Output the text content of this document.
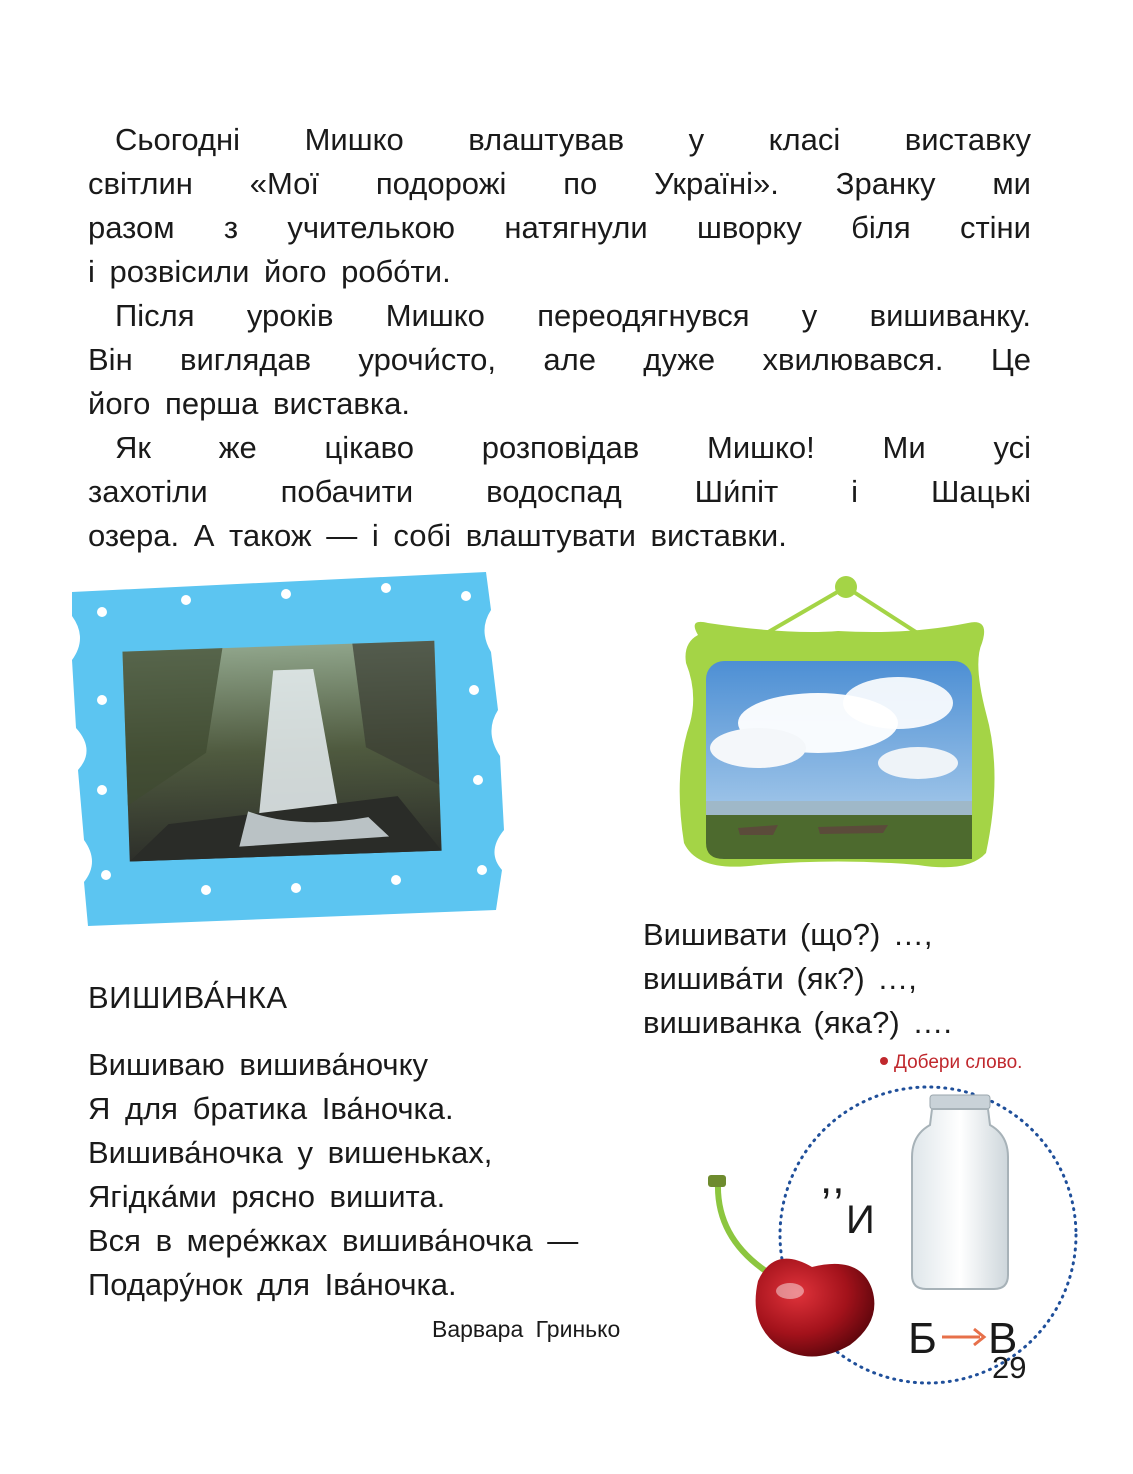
Сьогодні Мишко влаштував у класі виставку
світлин «Мої подорожі по Україні». Зранку ми
разом з учителькою натягнули шворку біля стіни
і розвісили його робо́ти.
Після уроків Мишко переодягнувся у вишиванку.
Він виглядав урочи́сто, але дуже хвилювався. Це
його перша виставка.
Як же цікаво розповідав Мишко! Ми усі
захотіли побачити водоспад Ши́піт і Шацькі
озера. А також — і собі влаштувати виставки.
Вишивати (що?) …,
вишива́ти (як?) …,
вишиванка (яка?) ….
Добери слово.
ВИШИВА́НКА
Вишиваю вишива́ночку
Я для братика Іва́ночка.
Вишива́ночка у вишеньках,
Ягідка́ми рясно вишита.
Вся в мере́жках вишива́ночка —
Подару́нок для Іва́ночка.
Варвара Гринько
,,
И
Б В
29
